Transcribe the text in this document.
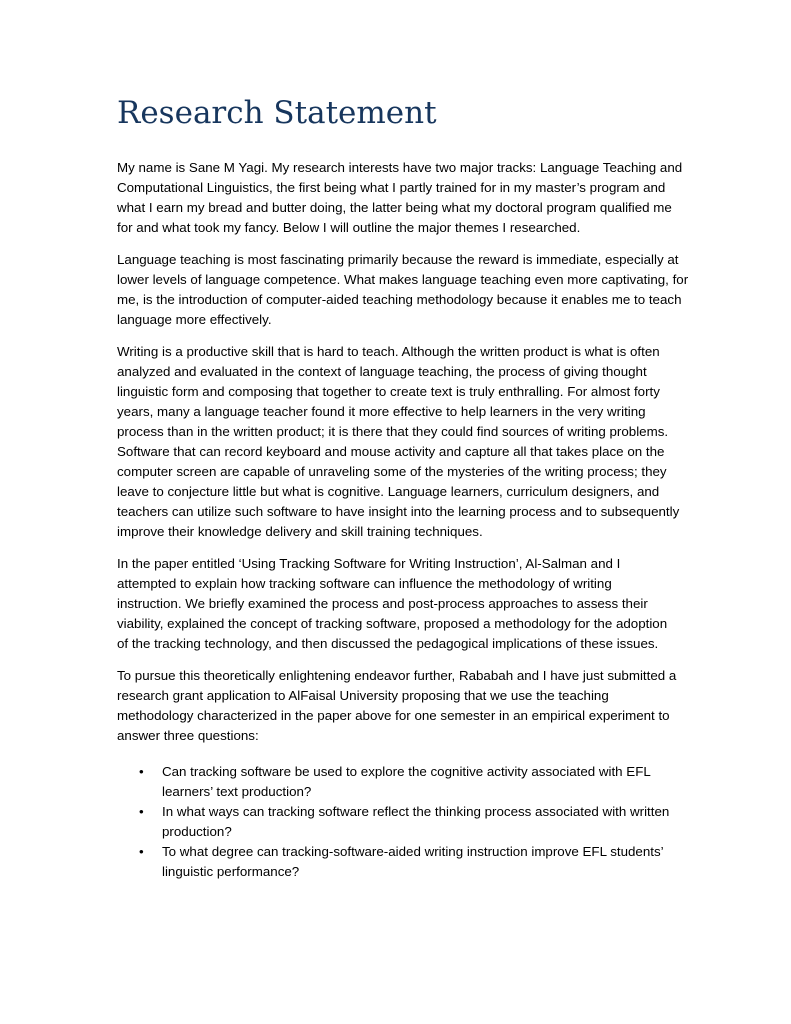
Research Statement

My name is Sane M Yagi. My research interests have two major tracks: Language Teaching and
Computational Linguistics, the first being what I partly trained for in my master’s program and
what I earn my bread and butter doing, the latter being what my doctoral program qualified me
for and what took my fancy. Below I will outline the major themes I researched.

Language teaching is most fascinating primarily because the reward is immediate, especially at
lower levels of language competence. What makes language teaching even more captivating, for
me, is the introduction of computer-aided teaching methodology because it enables me to teach
language more effectively.

Writing is a productive skill that is hard to teach. Although the written product is what is often
analyzed and evaluated in the context of language teaching, the process of giving thought
linguistic form and composing that together to create text is truly enthralling. For almost forty
years, many a language teacher found it more effective to help learners in the very writing
process than in the written product; it is there that they could find sources of writing problems.
Software that can record keyboard and mouse activity and capture all that takes place on the
computer screen are capable of unraveling some of the mysteries of the writing process; they
leave to conjecture little but what is cognitive. Language learners, curriculum designers, and
teachers can utilize such software to have insight into the learning process and to subsequently
improve their knowledge delivery and skill training techniques.

In the paper entitled ‘Using Tracking Software for Writing Instruction’, Al-Salman and I
attempted to explain how tracking software can influence the methodology of writing
instruction. We briefly examined the process and post-process approaches to assess their
viability, explained the concept of tracking software, proposed a methodology for the adoption
of the tracking technology, and then discussed the pedagogical implications of these issues.

To pursue this theoretically enlightening endeavor further, Rababah and I have just submitted a
research grant application to AlFaisal University proposing that we use the teaching
methodology characterized in the paper above for one semester in an empirical experiment to
answer three questions:

• Can tracking software be used to explore the cognitive activity associated with EFL
learners’ text production?
• In what ways can tracking software reflect the thinking process associated with written
production?
• To what degree can tracking-software-aided writing instruction improve EFL students’
linguistic performance?
